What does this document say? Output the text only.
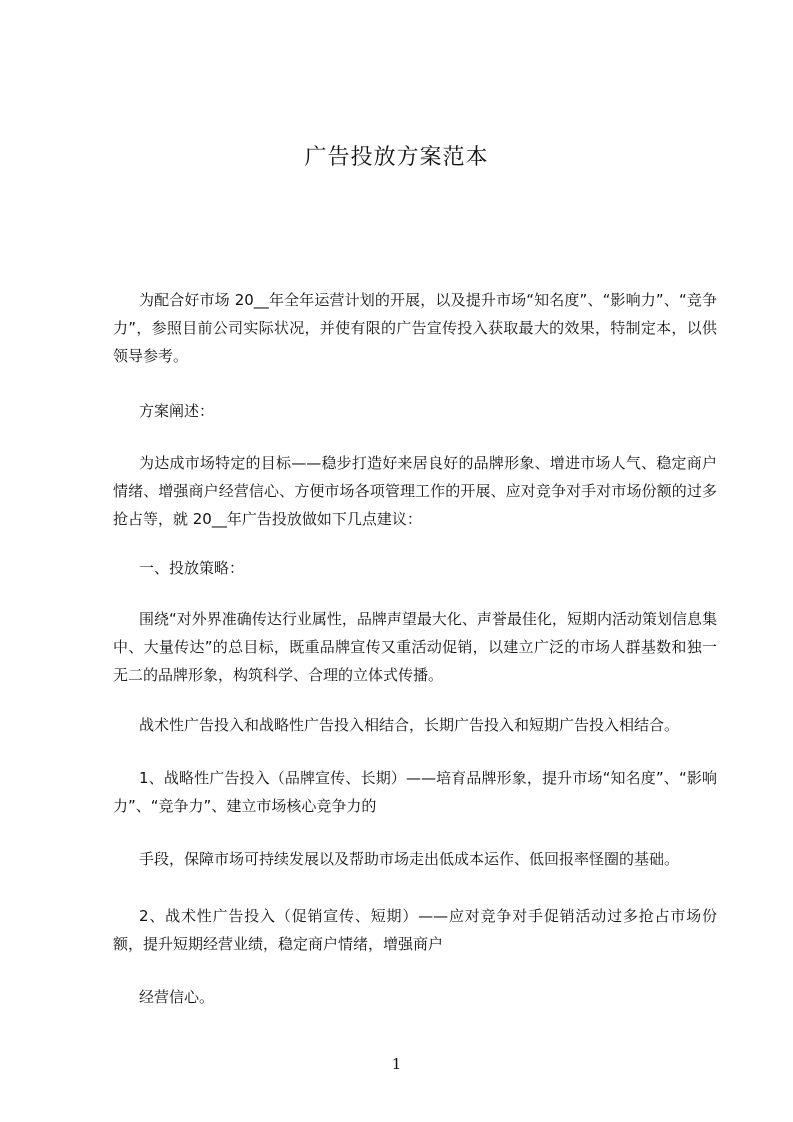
广告投放方案范本
为配合好市场 20__年全年运营计划的开展，以及提升市场“知名度”、“影响力”、“竞争力”，参照目前公司实际状况，并使有限的广告宣传投入获取最大的效果，特制定本，以供领导参考。
方案阐述：
为达成市场特定的目标——稳步打造好来居良好的品牌形象、增进市场人气、稳定商户情绪、增强商户经营信心、方便市场各项管理工作的开展、应对竞争对手对市场份额的过多抢占等，就 20__年广告投放做如下几点建议：
一、投放策略：
围绕“对外界准确传达行业属性，品牌声望最大化、声誉最佳化，短期内活动策划信息集中、大量传达”的总目标，既重品牌宣传又重活动促销，以建立广泛的市场人群基数和独一无二的品牌形象，构筑科学、合理的立体式传播。
战术性广告投入和战略性广告投入相结合，长期广告投入和短期广告投入相结合。
1、战略性广告投入（品牌宣传、长期）——培育品牌形象，提升市场“知名度”、“影响力”、“竞争力”、建立市场核心竞争力的
手段，保障市场可持续发展以及帮助市场走出低成本运作、低回报率怪圈的基础。
2、战术性广告投入（促销宣传、短期）——应对竞争对手促销活动过多抢占市场份额，提升短期经营业绩，稳定商户情绪，增强商户
经营信心。
1
